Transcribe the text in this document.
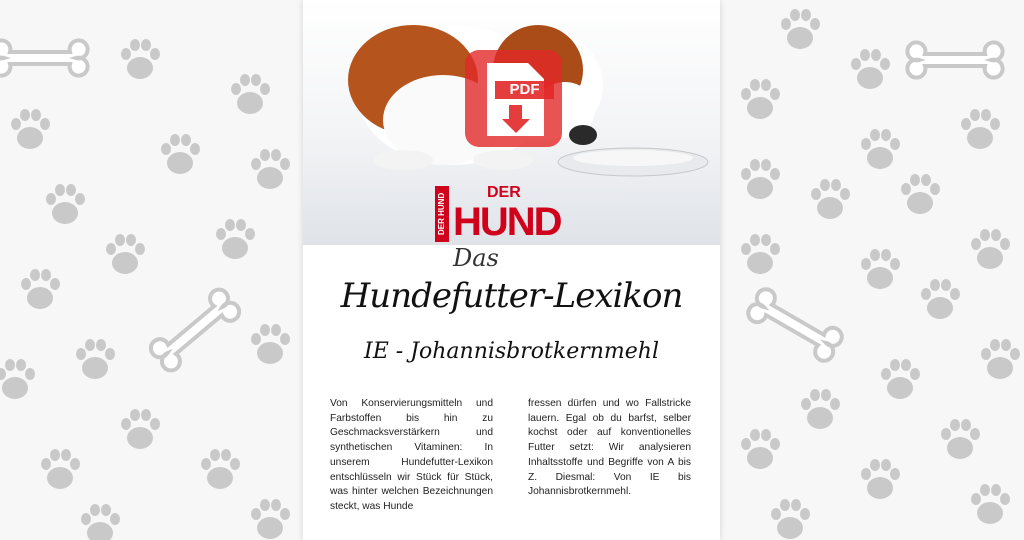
DER HUND
DER
HUND
Das
Hundefutter-Lexikon
IE - Johannisbrotkernmehl
Von Konservierungsmitteln und Farbstoffen bis hin zu Geschmacksverstärkern und synthetischen Vitaminen: In unserem Hundefutter-Lexikon entschlüsseln wir Stück für Stück, was hinter welchen Bezeichnungen steckt, was Hunde
fressen dürfen und wo Fallstricke lauern. Egal ob du barfst, selber kochst oder auf konventionelles Futter setzt: Wir analysieren Inhaltsstoffe und Begriffe von A bis Z. Diesmal: Von IE bis Johannisbrotkernmehl.
PDF
